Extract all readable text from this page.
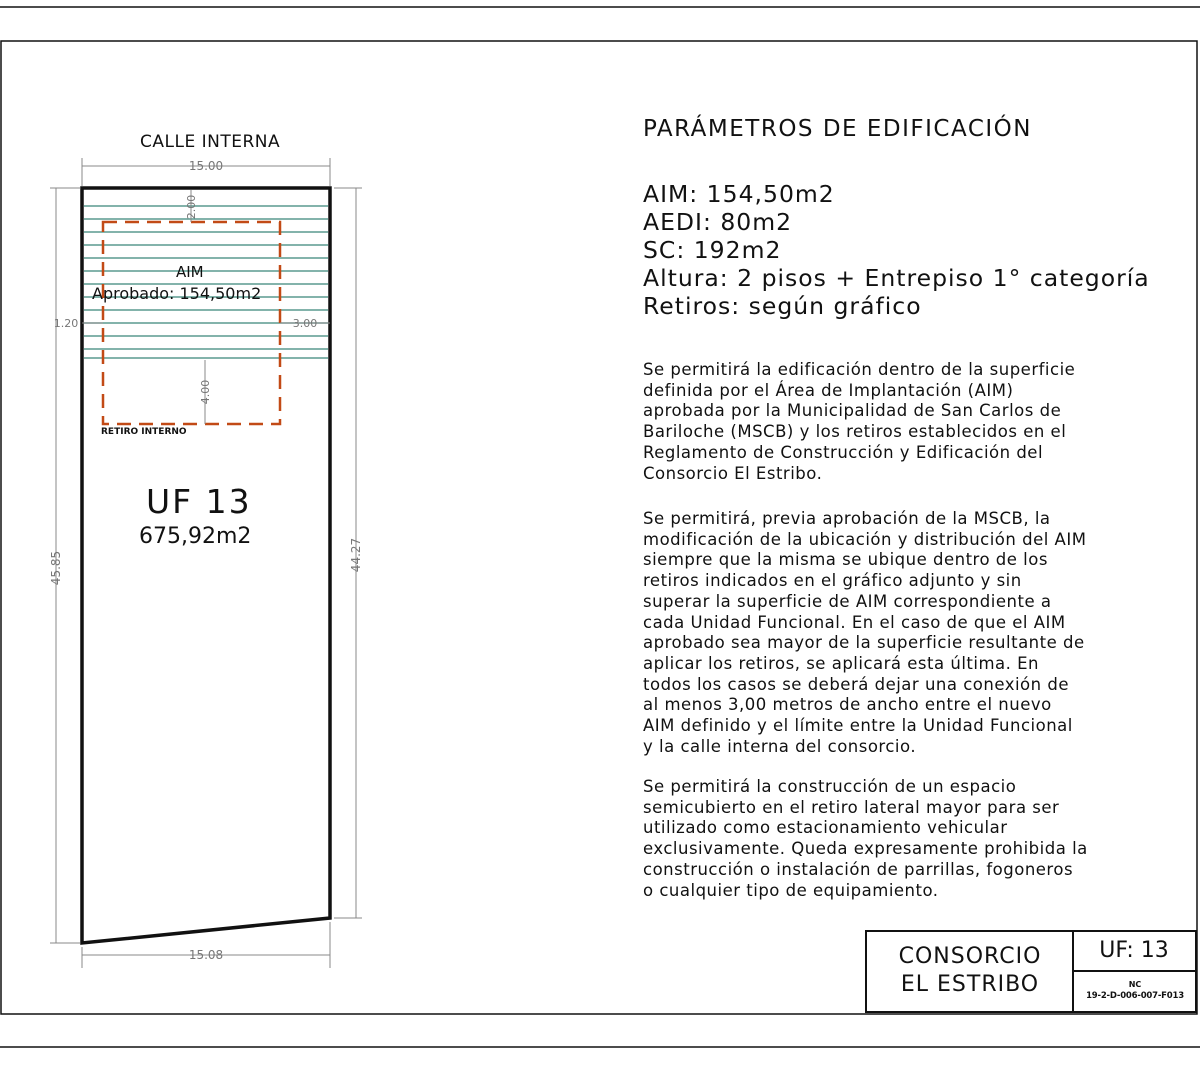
15.00
15.08
45.85	44.27
2.00
1.20	3.00
4.00
CALLE INTERNA
AIM
Aprobado: 154,50m2
RETIRO INTERNO
UF 13
675,92m2
PARÁMETROS DE EDIFICACIÓN
AIM: 154,50m2
AEDI: 80m2
SC: 192m2
Altura: 2 pisos + Entrepiso 1° categoría
Retiros: según gráfico
Se permitirá la edificación dentro de la superficie
definida por el Área de Implantación (AIM)
aprobada por la Municipalidad de San Carlos de
Bariloche (MSCB) y los retiros establecidos en el
Reglamento de Construcción y Edificación del
Consorcio El Estribo.
Se permitirá, previa aprobación de la MSCB, la
modificación de la ubicación y distribución del AIM
siempre que la misma se ubique dentro de los
retiros indicados en el gráfico adjunto y sin
superar la superficie de AIM correspondiente a
cada Unidad Funcional. En el caso de que el AIM
aprobado sea mayor de la superficie resultante de
aplicar los retiros, se aplicará esta última. En
todos los casos se deberá dejar una conexión de
al menos 3,00 metros de ancho entre el nuevo
AIM definido y el límite entre la Unidad Funcional
y la calle interna del consorcio.
Se permitirá la construcción de un espacio
semicubierto en el retiro lateral mayor para ser
utilizado como estacionamiento vehicular
exclusivamente. Queda expresamente prohibida la
construcción o instalación de parrillas, fogoneros
o cualquier tipo de equipamiento.
CONSORCIO
EL ESTRIBO
UF: 13
NC
19-2-D-006-007-F013
